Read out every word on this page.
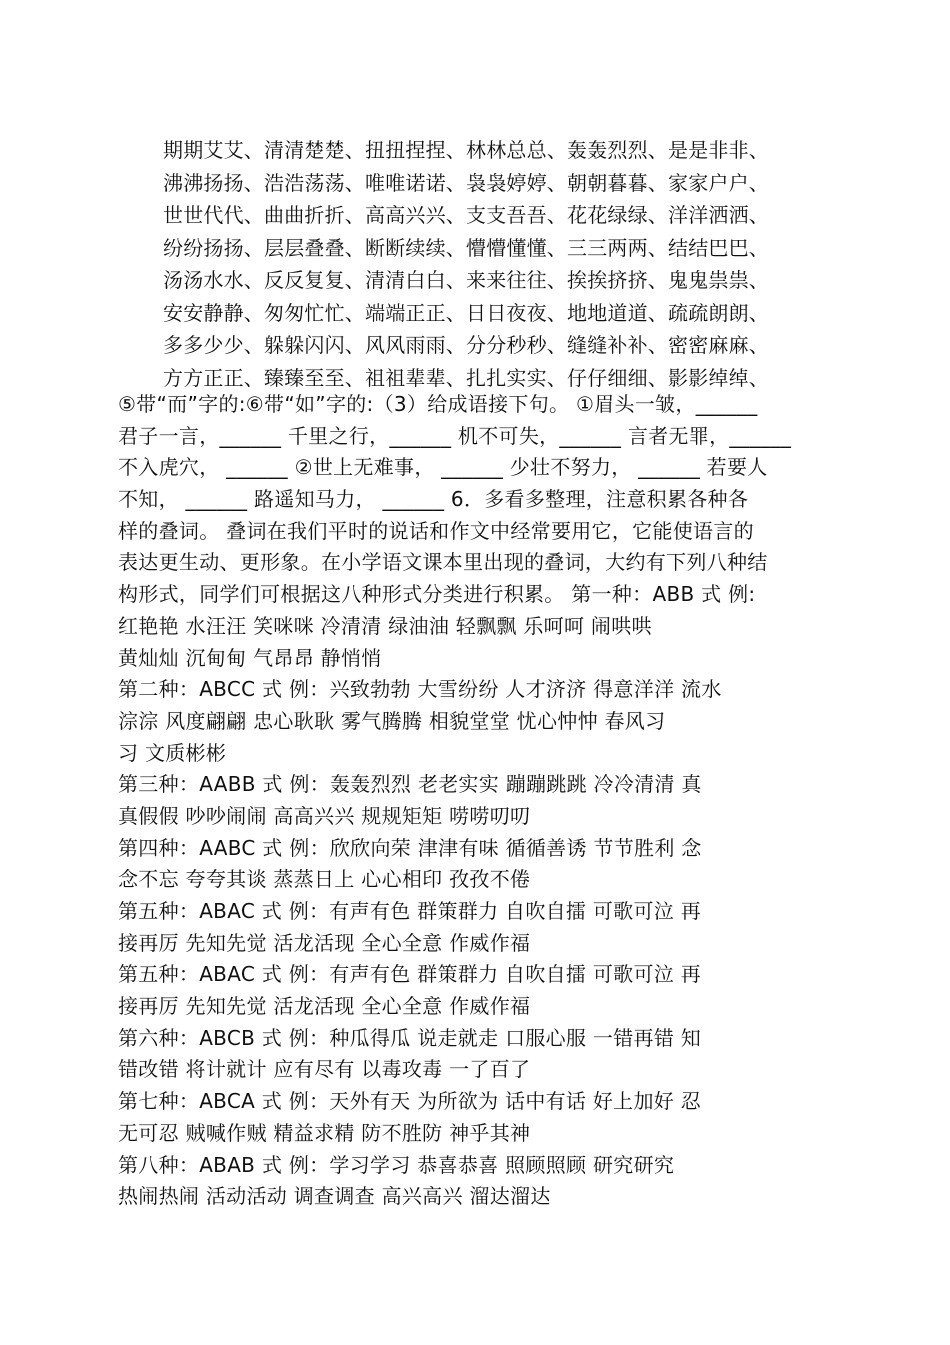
期期艾艾、清清楚楚、扭扭捏捏、林林总总、轰轰烈烈、是是非非、
沸沸扬扬、浩浩荡荡、唯唯诺诺、袅袅婷婷、朝朝暮暮、家家户户、
世世代代、曲曲折折、高高兴兴、支支吾吾、花花绿绿、洋洋洒洒、
纷纷扬扬、层层叠叠、断断续续、懵懵懂懂、三三两两、结结巴巴、
汤汤水水、反反复复、清清白白、来来往往、挨挨挤挤、鬼鬼祟祟、
安安静静、匆匆忙忙、端端正正、日日夜夜、地地道道、疏疏朗朗、
多多少少、躲躲闪闪、风风雨雨、分分秒秒、缝缝补补、密密麻麻、
方方正正、臻臻至至、祖祖辈辈、扎扎实实、仔仔细细、影影绰绰、
⑤带“而”字的:⑥带“如”字的:（3）给成语接下句。 ①眉头一皱，______
君子一言，______ 千里之行，______ 机不可失，______ 言者无罪，______
不入虎穴， ______ ②世上无难事， ______ 少壮不努力， ______ 若要人
不知， ______ 路遥知马力， ______ 6．多看多整理，注意积累各种各
样的叠词。 叠词在我们平时的说话和作文中经常要用它，它能使语言的
表达更生动、更形象。在小学语文课本里出现的叠词，大约有下列八种结
构形式，同学们可根据这八种形式分类进行积累。 第一种：ABB 式 例:
红艳艳 水汪汪 笑咪咪 冷清清 绿油油 轻飘飘 乐呵呵 闹哄哄
黄灿灿 沉甸甸 气昂昂 静悄悄
第二种：ABCC 式 例：兴致勃勃 大雪纷纷 人才济济 得意洋洋 流水
淙淙 风度翩翩 忠心耿耿 雾气腾腾 相貌堂堂 忧心忡忡 春风习
习 文质彬彬
第三种：AABB 式 例：轰轰烈烈 老老实实 蹦蹦跳跳 冷冷清清 真
真假假 吵吵闹闹 高高兴兴 规规矩矩 唠唠叨叨
第四种：AABC 式 例：欣欣向荣 津津有味 循循善诱 节节胜利 念
念不忘 夸夸其谈 蒸蒸日上 心心相印 孜孜不倦
第五种：ABAC 式 例：有声有色 群策群力 自吹自擂 可歌可泣 再
接再厉 先知先觉 活龙活现 全心全意 作威作福
第五种：ABAC 式 例：有声有色 群策群力 自吹自擂 可歌可泣 再
接再厉 先知先觉 活龙活现 全心全意 作威作福
第六种：ABCB 式 例：种瓜得瓜 说走就走 口服心服 一错再错 知
错改错 将计就计 应有尽有 以毒攻毒 一了百了
第七种：ABCA 式 例：天外有天 为所欲为 话中有话 好上加好 忍
无可忍 贼喊作贼 精益求精 防不胜防 神乎其神
第八种：ABAB 式 例：学习学习 恭喜恭喜 照顾照顾 研究研究
热闹热闹 活动活动 调查调查 高兴高兴 溜达溜达
